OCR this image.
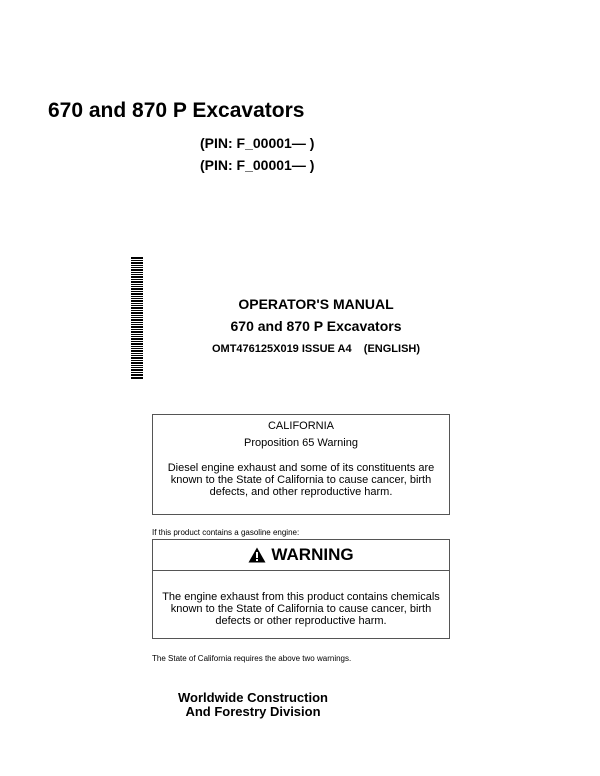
670 and 870 P Excavators
(PIN: F_00001— )
(PIN: F_00001— )
OPERATOR'S MANUAL
670 and 870 P Excavators
OMT476125X019 ISSUE A4    (ENGLISH)
CALIFORNIA
Proposition 65 Warning
Diesel engine exhaust and some of its constituents are known to the State of California to cause cancer, birth defects, and other reproductive harm.
If this product contains a gasoline engine:
WARNING
The engine exhaust from this product contains chemicals known to the State of California to cause cancer, birth defects or other reproductive harm.
The State of California requires the above two warnings.
Worldwide Construction
And Forestry Division
